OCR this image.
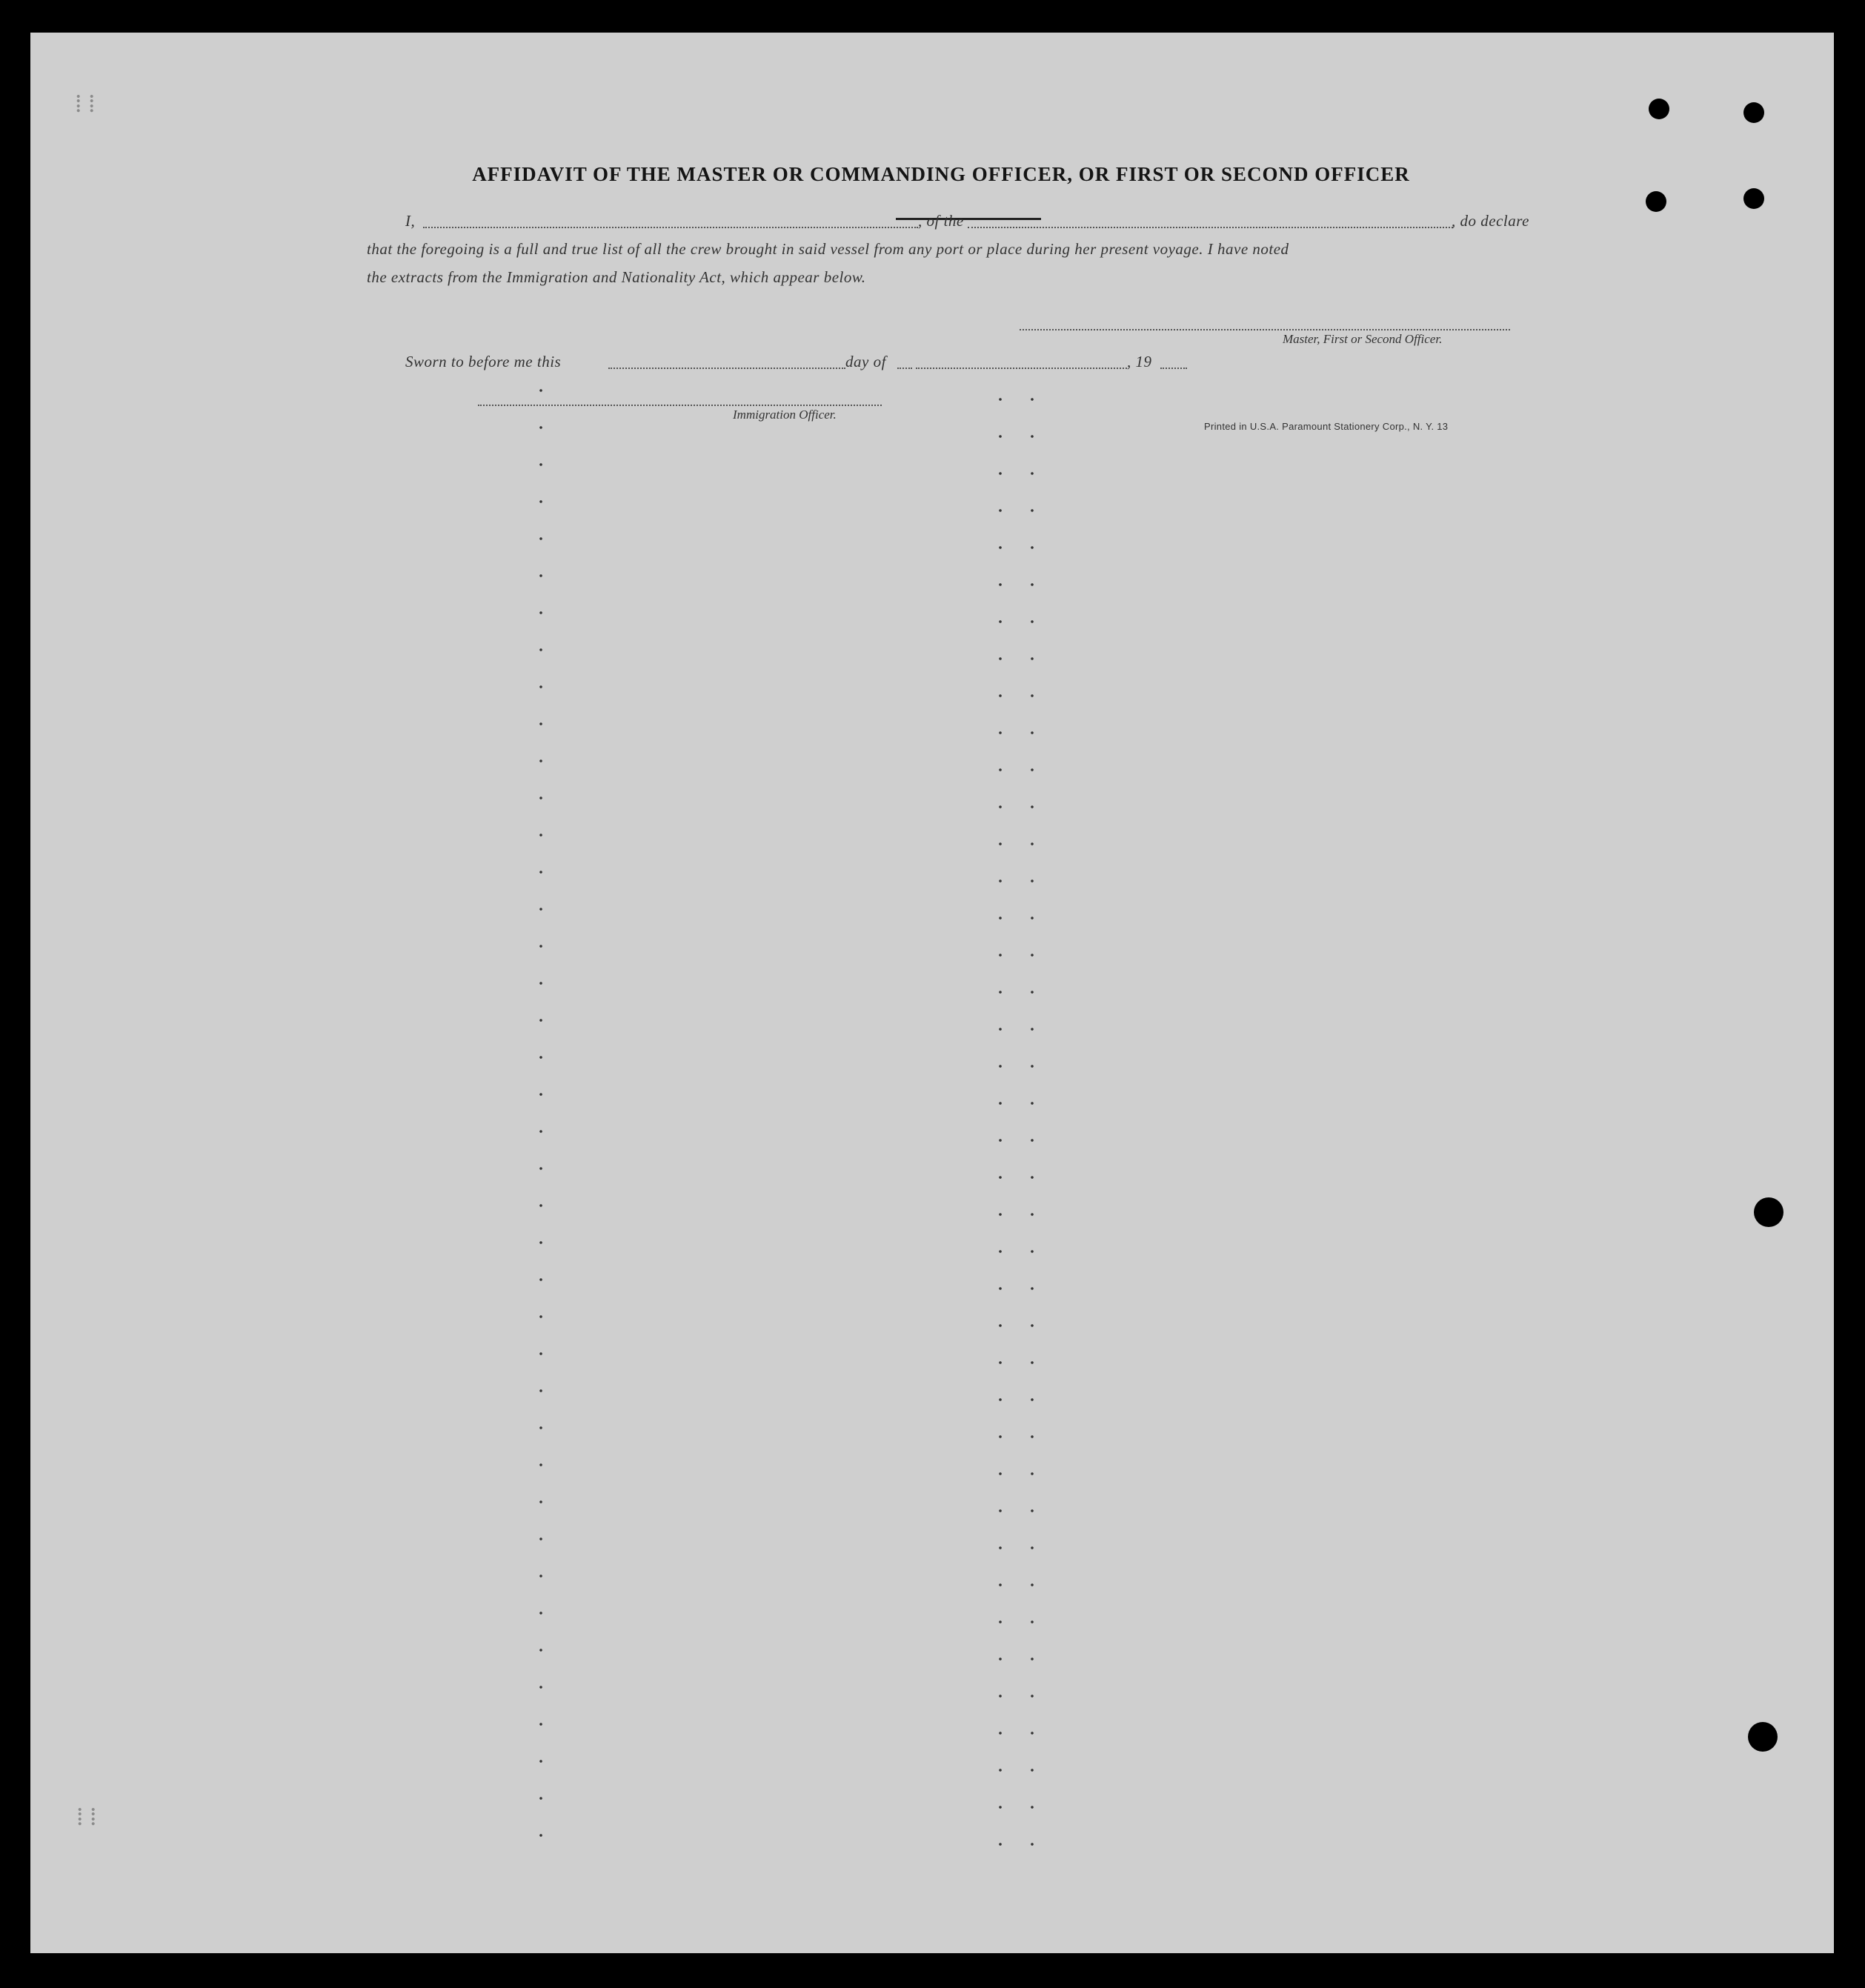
AFFIDAVIT OF THE MASTER OR COMMANDING OFFICER, OR FIRST OR SECOND OFFICER
I,	, of the	, do declare
that the foregoing is a full and true list of all the crew brought in said vessel from any port or place during her present voyage. I have noted
the extracts from the Immigration and Nationality Act, which appear below.
Master, First or Second Officer.
Sworn to before me this	day of	, 19
Immigration Officer.
Printed in U.S.A. Paramount Stationery Corp., N. Y. 13
⁞ ⁞
⁞ ⁞
